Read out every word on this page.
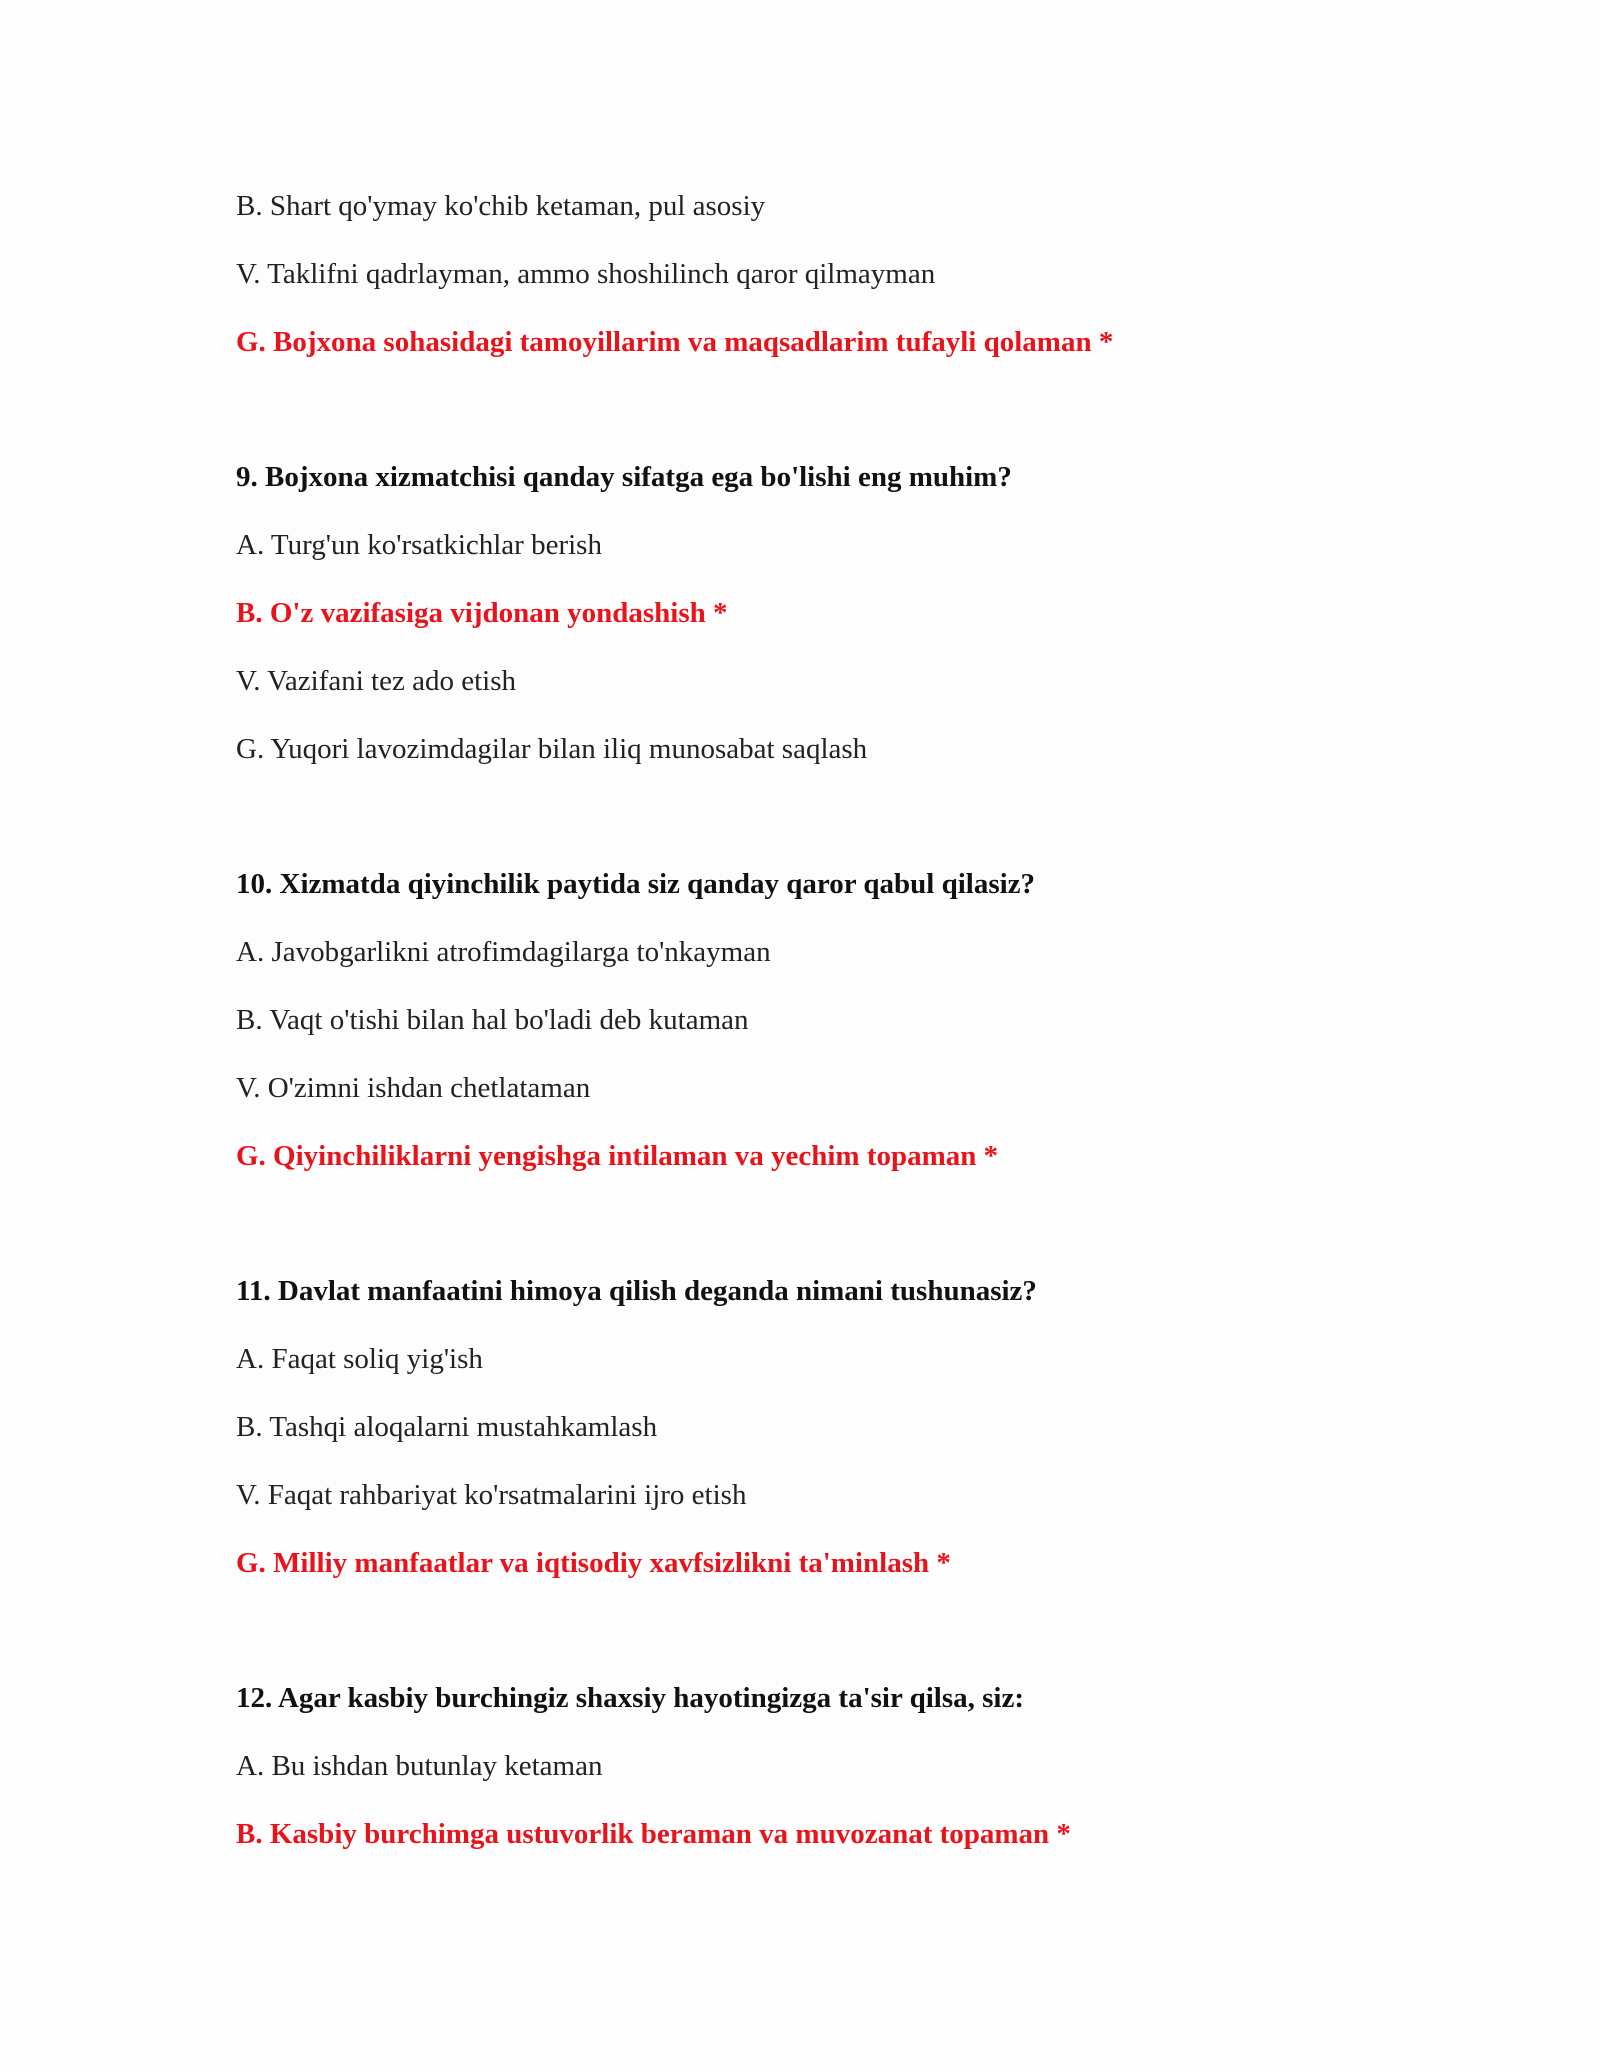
B. Shart qo'ymay ko'chib ketaman, pul asosiy

V. Taklifni qadrlayman, ammo shoshilinch qaror qilmayman

G. Bojxona sohasidagi tamoyillarim va maqsadlarim tufayli qolaman *

9. Bojxona xizmatchisi qanday sifatga ega bo'lishi eng muhim?

A. Turg'un ko'rsatkichlar berish

B. O'z vazifasiga vijdonan yondashish *

V. Vazifani tez ado etish

G. Yuqori lavozimdagilar bilan iliq munosabat saqlash

10. Xizmatda qiyinchilik paytida siz qanday qaror qabul qilasiz?

A. Javobgarlikni atrofimdagilarga to'nkayman

B. Vaqt o'tishi bilan hal bo'ladi deb kutaman

V. O'zimni ishdan chetlataman

G. Qiyinchiliklarni yengishga intilaman va yechim topaman *

11. Davlat manfaatini himoya qilish deganda nimani tushunasiz?

A. Faqat soliq yig'ish

B. Tashqi aloqalarni mustahkamlash

V. Faqat rahbariyat ko'rsatmalarini ijro etish

G. Milliy manfaatlar va iqtisodiy xavfsizlikni ta'minlash *

12. Agar kasbiy burchingiz shaxsiy hayotingizga ta'sir qilsa, siz:

A. Bu ishdan butunlay ketaman

B. Kasbiy burchimga ustuvorlik beraman va muvozanat topaman *
